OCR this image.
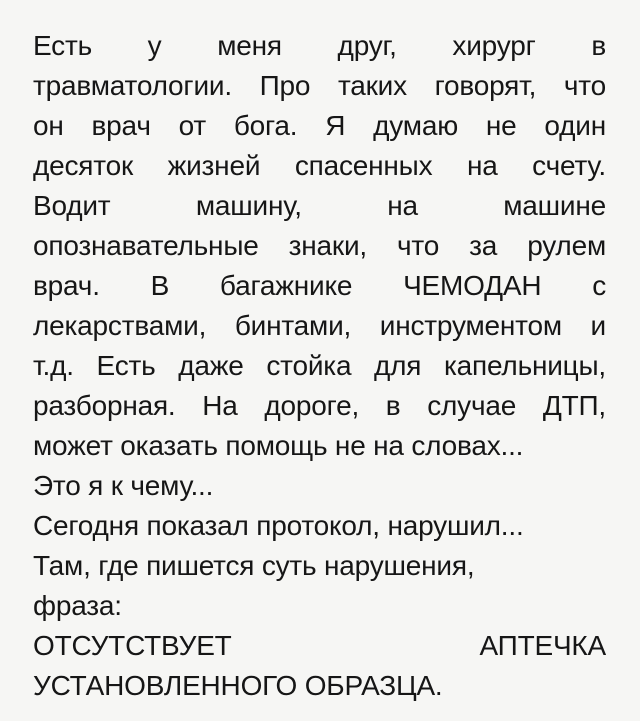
Есть у меня друг, хирург в
травматологии. Про таких говорят, что
он врач от бога. Я думаю не один
десяток жизней спасенных на счету.
Водит машину, на машине
опознавательные знаки, что за рулем
врач. В багажнике ЧЕМОДАН с
лекарствами, бинтами, инструментом и
т.д. Есть даже стойка для капельницы,
разборная. На дороге, в случае ДТП,
может оказать помощь не на словах...
Это я к чему...
Сегодня показал протокол, нарушил...
Там, где пишется суть нарушения,
фраза:
ОТСУТСТВУЕТ АПТЕЧКА
УСТАНОВЛЕННОГО ОБРАЗЦА.
